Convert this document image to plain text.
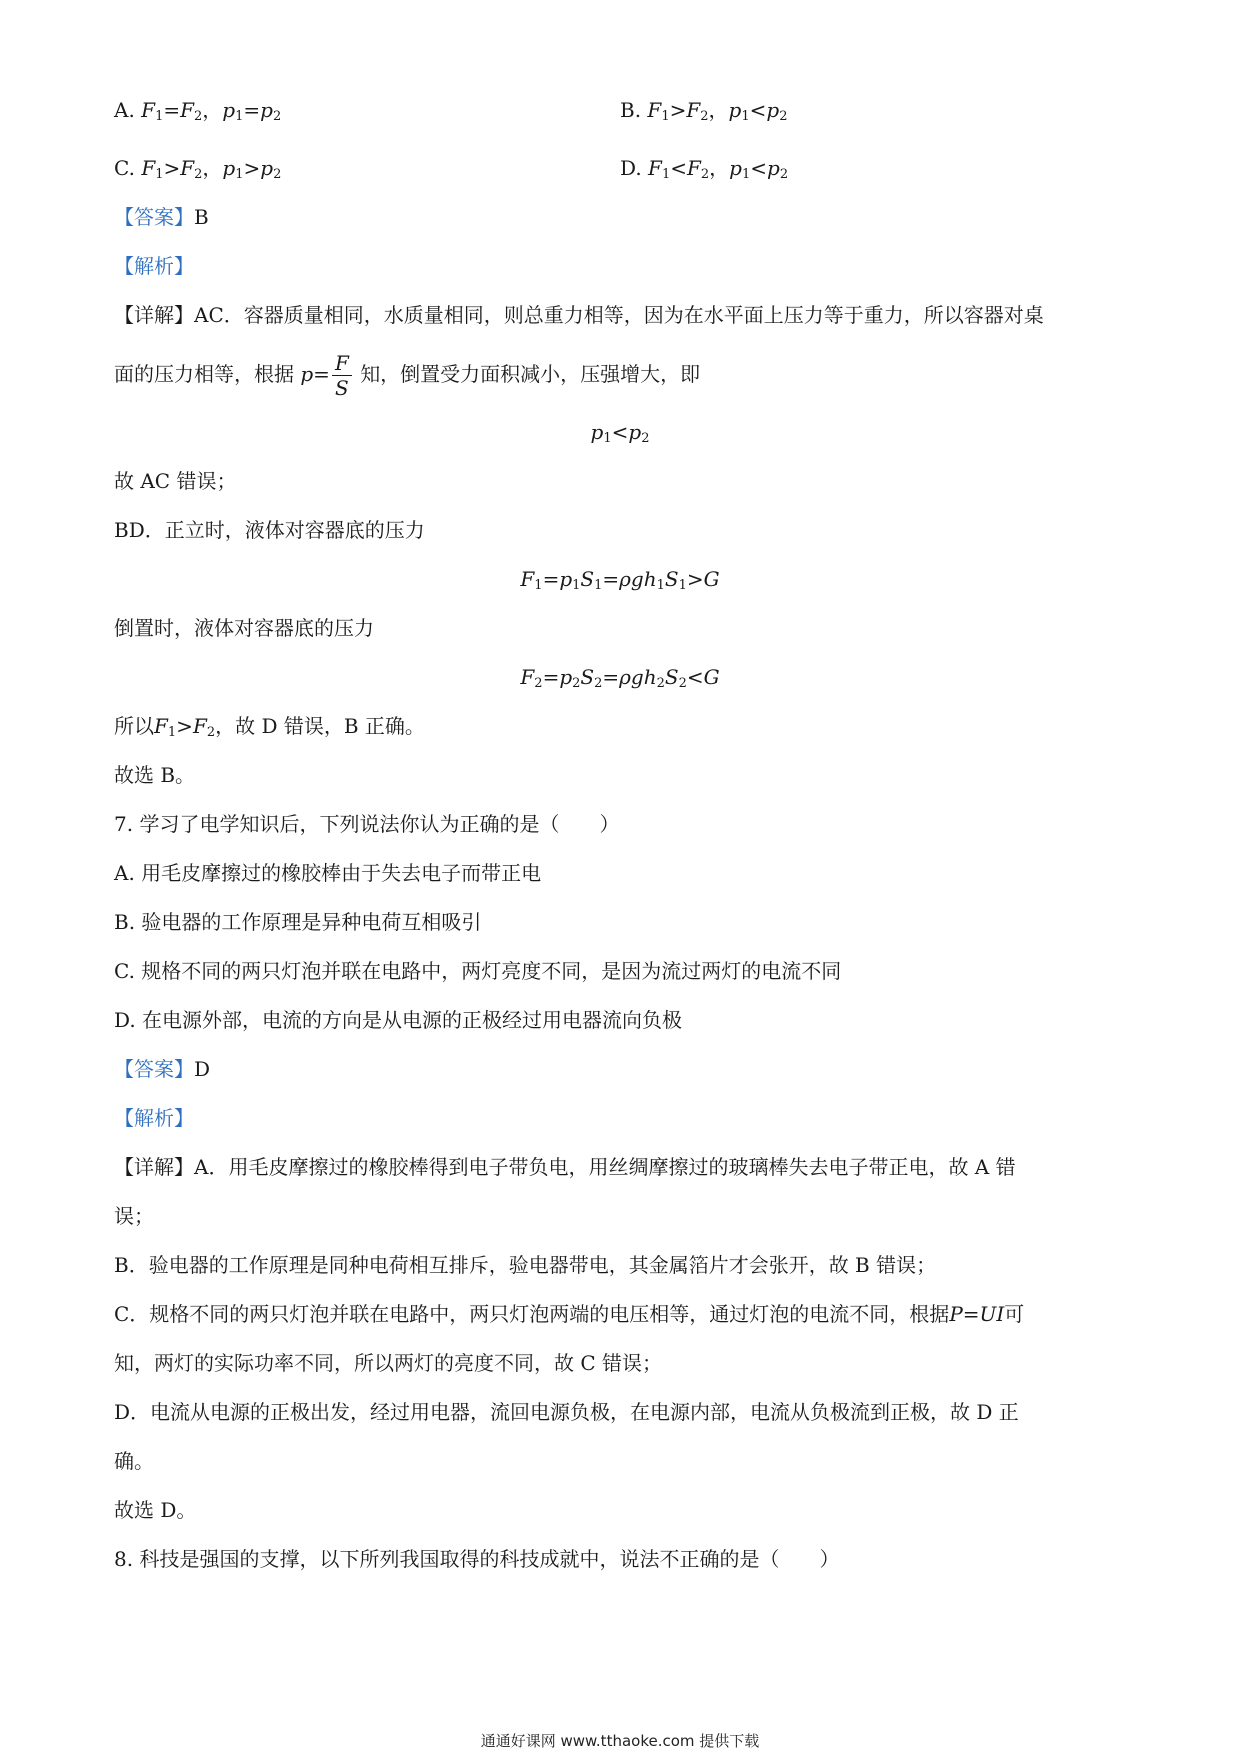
A. $F_1=F_2$，$p_1=p_2$	B. $F_1>F_2$，$p_1<p_2$
C. $F_1>F_2$，$p_1>p_2$	D. $F_1<F_2$，$p_1<p_2$
【答案】B
【解析】
【详解】AC．容器质量相同，水质量相同，则总重力相等，因为在水平面上压力等于重力，所以容器对桌
面的压力相等，根据 $p= \frac{F}{S}$ 知，倒置受力面积减小，压强增大，即
$p_1<p_2$
故 AC 错误；
BD．正立时，液体对容器底的压力
$F_1=p_1S_1=\rho gh_1S_1>G$
倒置时，液体对容器底的压力
$F_2=p_2S_2=\rho gh_2S_2<G$
所以$F_1>F_2$，故 D 错误，B 正确。
故选 B。
7. 学习了电学知识后，下列说法你认为正确的是（　　）
A. 用毛皮摩擦过的橡胶棒由于失去电子而带正电
B. 验电器的工作原理是异种电荷互相吸引
C. 规格不同的两只灯泡并联在电路中，两灯亮度不同，是因为流过两灯的电流不同
D. 在电源外部，电流的方向是从电源的正极经过用电器流向负极
【答案】D
【解析】
【详解】A．用毛皮摩擦过的橡胶棒得到电子带负电，用丝绸摩擦过的玻璃棒失去电子带正电，故 A 错
误；
B．验电器的工作原理是同种电荷相互排斥，验电器带电，其金属箔片才会张开，故 B 错误；
C．规格不同的两只灯泡并联在电路中，两只灯泡两端的电压相等，通过灯泡的电流不同，根据P=UI可
知，两灯的实际功率不同，所以两灯的亮度不同，故 C 错误；
D．电流从电源的正极出发，经过用电器，流回电源负极，在电源内部，电流从负极流到正极，故 D 正
确。
故选 D。
8. 科技是强国的支撑，以下所列我国取得的科技成就中，说法不正确的是（　　）
通通好课网 www.tthaoke.com 提供下载
